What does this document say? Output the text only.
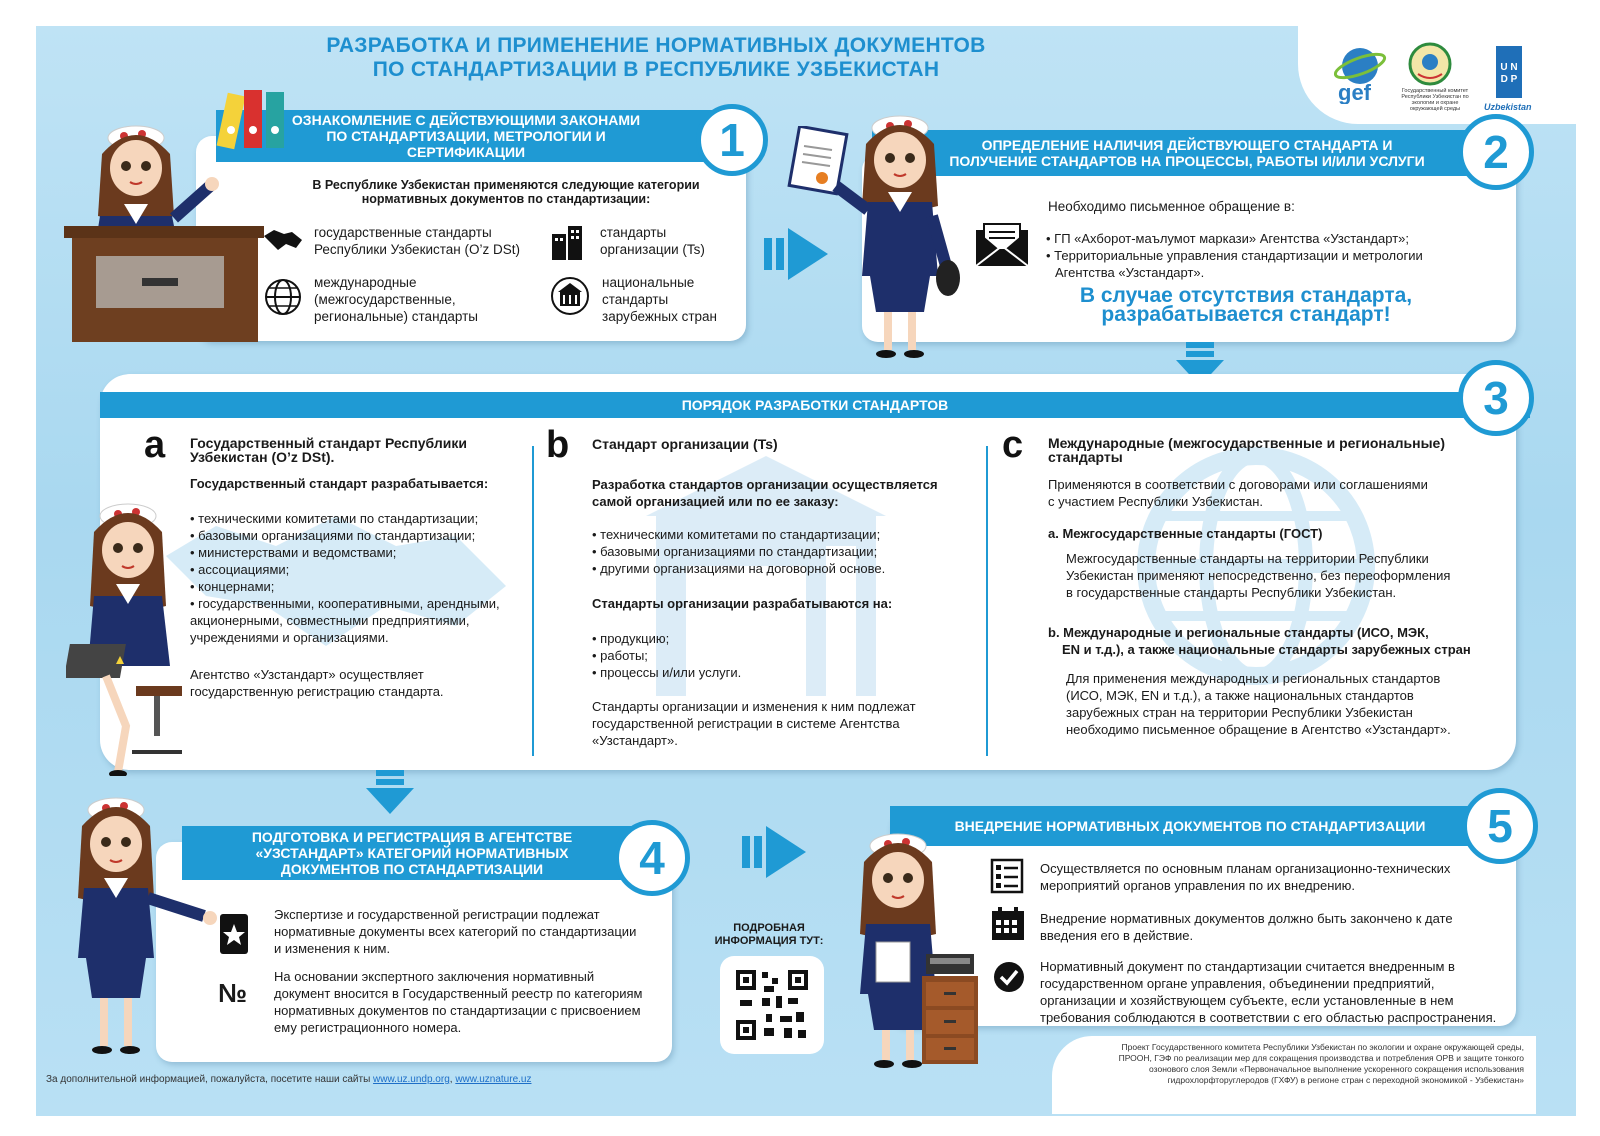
РАЗРАБОТКА И ПРИМЕНЕНИЕ НОРМАТИВНЫХ ДОКУМЕНТОВ
ПО СТАНДАРТИЗАЦИИ В РЕСПУБЛИКЕ УЗБЕКИСТАН
gef	Государственный комитет Республики Узбекистан по экологии и охране окружающей среды
U N D P
Uzbekistan
ОЗНАКОМЛЕНИЕ С ДЕЙСТВУЮЩИМИ ЗАКОНАМИ
ПО СТАНДАРТИЗАЦИИ, МЕТРОЛОГИИ И
СЕРТИФИКАЦИИ	1
В Республике Узбекистан применяются следующие категории
нормативных документов по стандартизации:
государственные стандарты
Республики Узбекистан (O’z DSt)
стандарты
организации (Ts)
международные
(межгосударственные,
региональные) стандарты
национальные
стандарты
зарубежных стран
ОПРЕДЕЛЕНИЕ НАЛИЧИЯ ДЕЙСТВУЮЩЕГО СТАНДАРТА И
ПОЛУЧЕНИЕ СТАНДАРТОВ НА ПРОЦЕССЫ, РАБОТЫ И/ИЛИ УСЛУГИ	2
Необходимо письменное обращение в:
• ГП «Ахборот-маълумот маркази» Агентства «Узстандарт»;
• Территориальные управления стандартизации и метрологии
Агентства «Узстандарт».
В случае отсутствия стандарта,
разрабатывается стандарт!
ПОРЯДОК РАЗРАБОТКИ СТАНДАРТОВ	3
a Государственный стандарт Республики
Узбекистан (O’z DSt).
Государственный стандарт разрабатывается:
• техническими комитетами по стандартизации;
• базовыми организациями по стандартизации;
• министерствами и ведомствами;
• ассоциациями;
• концернами;
• государственными, кооперативными, арендными,
акционерными, совместными предприятиями,
учреждениями и организациями.
Агентство «Узстандарт» осуществляет
государственную регистрацию стандарта.
b Стандарт организации (Ts)
Разработка стандартов организации осуществляется
самой организацией или по ее заказу:
• техническими комитетами по стандартизации;
• базовыми организациями по стандартизации;
• другими организациями на договорной основе.
Стандарты организации разрабатываются на:
• продукцию;
• работы;
• процессы и/или услуги.
Стандарты организации и изменения к ним подлежат
государственной регистрации в системе Агентства
«Узстандарт».
c Международные (межгосударственные и региональные)
стандарты
Применяются в соответствии с договорами или соглашениями
с участием Республики Узбекистан.
a. Межгосударственные стандарты (ГОСТ)
Межгосударственные стандарты на территории Республики
Узбекистан применяют непосредственно, без переоформления
в государственные стандарты Республики Узбекистан.
b. Международные и региональные стандарты (ИСО, МЭК,
EN и т.д.), а также национальные стандарты зарубежных стран
Для применения международных и региональных стандартов
(ИСО, МЭК, EN и т.д.), а также национальных стандартов
зарубежных стран на территории Республики Узбекистан
необходимо письменное обращение в Агентство «Узстандарт».
ПОДГОТОВКА И РЕГИСТРАЦИЯ В АГЕНТСТВЕ
«УЗСТАНДАРТ» КАТЕГОРИЙ НОРМАТИВНЫХ
ДОКУМЕНТОВ ПО СТАНДАРТИЗАЦИИ	4
№
Экспертизе и государственной регистрации подлежат
нормативные документы всех категорий по стандартизации
и изменения к ним.
На основании экспертного заключения нормативный
документ вносится в Государственный реестр по категориям
нормативных документов по стандартизации с присвоением
ему регистрационного номера.
ПОДРОБНАЯ
ИНФОРМАЦИЯ ТУТ:
ВНЕДРЕНИЕ НОРМАТИВНЫХ ДОКУМЕНТОВ ПО СТАНДАРТИЗАЦИИ	5
Осуществляется по основным планам организационно-технических
мероприятий органов управления по их внедрению.
Внедрение нормативных документов должно быть закончено к дате
введения его в действие.
Нормативный документ по стандартизации считается внедренным в
государственном органе управления, объединении предприятий,
организации и хозяйствующем субъекте, если установленные в нем
требования соблюдаются в соответствии с его областью распространения.
За дополнительной информацией, пожалуйста, посетите наши сайты www.uz.undp.org, www.uznature.uz
Проект Государственного комитета Республики Узбекистан по экологии и охране окружающей среды,
ПРООН, ГЭФ по реализации мер для сокращения производства и потребления ОРВ и защите тонкого
озонового слоя Земли «Первоначальное выполнение ускоренного сокращения использования
гидрохлорфторуглеродов (ГХФУ) в регионе стран с переходной экономикой - Узбекистан»
